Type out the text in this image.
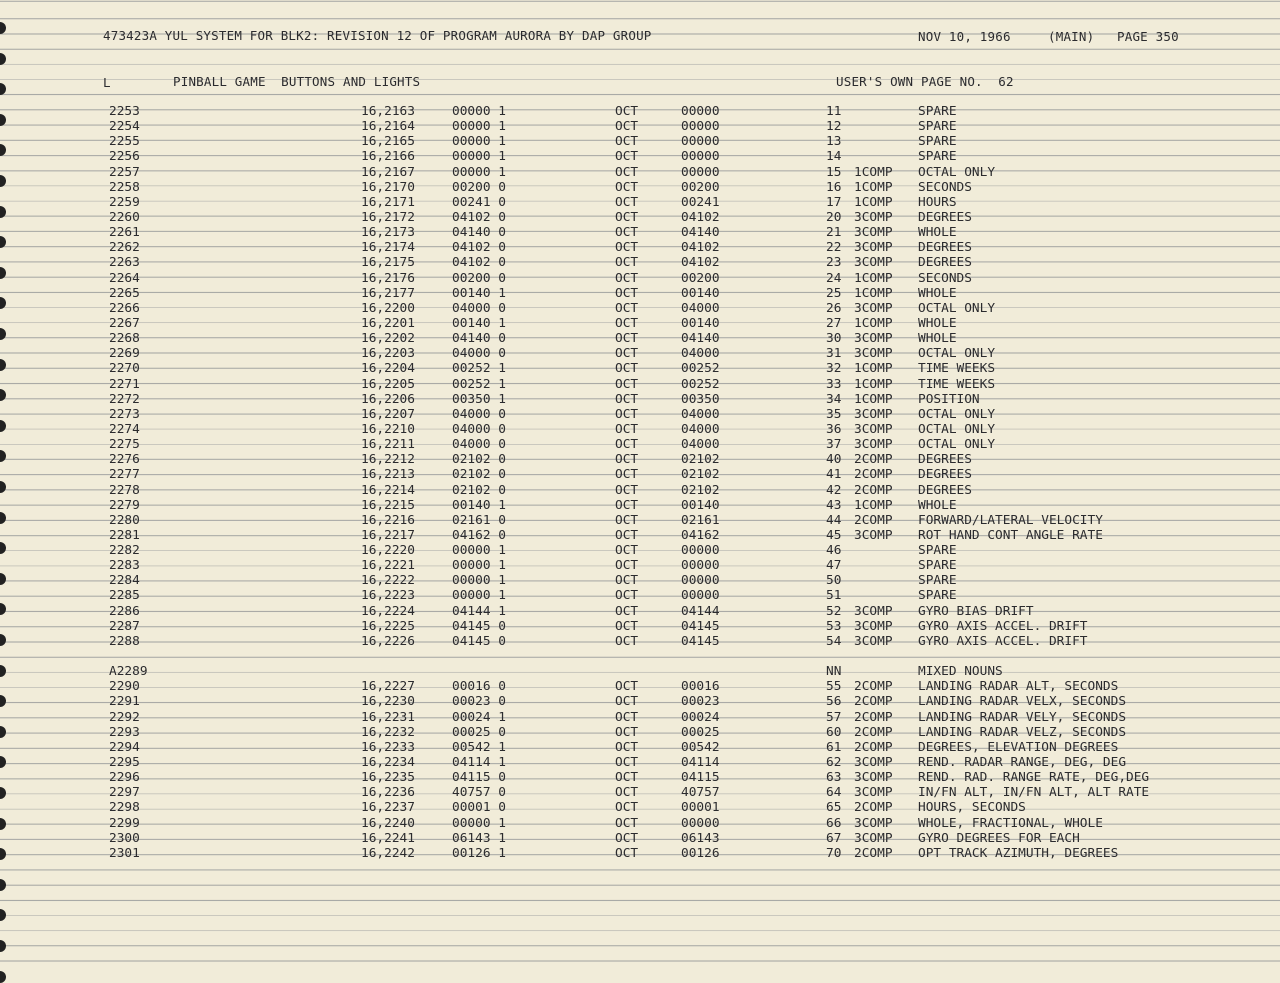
473423A YUL SYSTEM FOR BLK2: REVISION 12 OF PROGRAM AURORA BY DAP GROUP	NOV 10, 1966	(MAIN) PAGE 350
L	PINBALL GAME  BUTTONS AND LIGHTS	USER'S OWN PAGE NO.  62
2253	16,2163	00000 1	OCT	00000	11	SPARE
2254	16,2164	00000 1	OCT	00000	12	SPARE
2255	16,2165	00000 1	OCT	00000	13	SPARE
2256	16,2166	00000 1	OCT	00000	14	SPARE
2257	16,2167	00000 1	OCT	00000	15 1COMP OCTAL ONLY
2258	16,2170	00200 0	OCT	00200	16 1COMP SECONDS
2259	16,2171	00241 0	OCT	00241	17 1COMP HOURS
2260	16,2172	04102 0	OCT	04102	20 3COMP DEGREES
2261	16,2173	04140 0	OCT	04140	21 3COMP WHOLE
2262	16,2174	04102 0	OCT	04102	22 3COMP DEGREES
2263	16,2175	04102 0	OCT	04102	23 3COMP DEGREES
2264	16,2176	00200 0	OCT	00200	24 1COMP SECONDS
2265	16,2177	00140 1	OCT	00140	25 1COMP WHOLE
2266	16,2200	04000 0	OCT	04000	26 3COMP OCTAL ONLY
2267	16,2201	00140 1	OCT	00140	27 1COMP WHOLE
2268	16,2202	04140 0	OCT	04140	30 3COMP WHOLE
2269	16,2203	04000 0	OCT	04000	31 3COMP OCTAL ONLY
2270	16,2204	00252 1	OCT	00252	32 1COMP TIME WEEKS
2271	16,2205	00252 1	OCT	00252	33 1COMP TIME WEEKS
2272	16,2206	00350 1	OCT	00350	34 1COMP POSITION
2273	16,2207	04000 0	OCT	04000	35 3COMP OCTAL ONLY
2274	16,2210	04000 0	OCT	04000	36 3COMP OCTAL ONLY
2275	16,2211	04000 0	OCT	04000	37 3COMP OCTAL ONLY
2276	16,2212	02102 0	OCT	02102	40 2COMP DEGREES
2277	16,2213	02102 0	OCT	02102	41 2COMP DEGREES
2278	16,2214	02102 0	OCT	02102	42 2COMP DEGREES
2279	16,2215	00140 1	OCT	00140	43 1COMP WHOLE
2280	16,2216	02161 0	OCT	02161	44 2COMP FORWARD/LATERAL VELOCITY
2281	16,2217	04162 0	OCT	04162	45 3COMP ROT HAND CONT ANGLE RATE
2282	16,2220	00000 1	OCT	00000	46	SPARE
2283	16,2221	00000 1	OCT	00000	47	SPARE
2284	16,2222	00000 1	OCT	00000	50	SPARE
2285	16,2223	00000 1	OCT	00000	51	SPARE
2286	16,2224	04144 1	OCT	04144	52 3COMP GYRO BIAS DRIFT
2287	16,2225	04145 0	OCT	04145	53 3COMP GYRO AXIS ACCEL. DRIFT
2288	16,2226	04145 0	OCT	04145	54 3COMP GYRO AXIS ACCEL. DRIFT
A2289	NN	MIXED NOUNS
2290	16,2227	00016 0	OCT	00016	55 2COMP LANDING RADAR ALT, SECONDS
2291	16,2230	00023 0	OCT	00023	56 2COMP LANDING RADAR VELX, SECONDS
2292	16,2231	00024 1	OCT	00024	57 2COMP LANDING RADAR VELY, SECONDS
2293	16,2232	00025 0	OCT	00025	60 2COMP LANDING RADAR VELZ, SECONDS
2294	16,2233	00542 1	OCT	00542	61 2COMP DEGREES, ELEVATION DEGREES
2295	16,2234	04114 1	OCT	04114	62 3COMP REND. RADAR RANGE, DEG, DEG
2296	16,2235	04115 0	OCT	04115	63 3COMP REND. RAD. RANGE RATE, DEG,DEG
2297	16,2236	40757 0	OCT	40757	64 3COMP IN/FN ALT, IN/FN ALT, ALT RATE
2298	16,2237	00001 0	OCT	00001	65 2COMP HOURS, SECONDS
2299	16,2240	00000 1	OCT	00000	66 3COMP WHOLE, FRACTIONAL, WHOLE
2300	16,2241	06143 1	OCT	06143	67 3COMP GYRO DEGREES FOR EACH
2301	16,2242	00126 1	OCT	00126	70 2COMP OPT TRACK AZIMUTH, DEGREES
